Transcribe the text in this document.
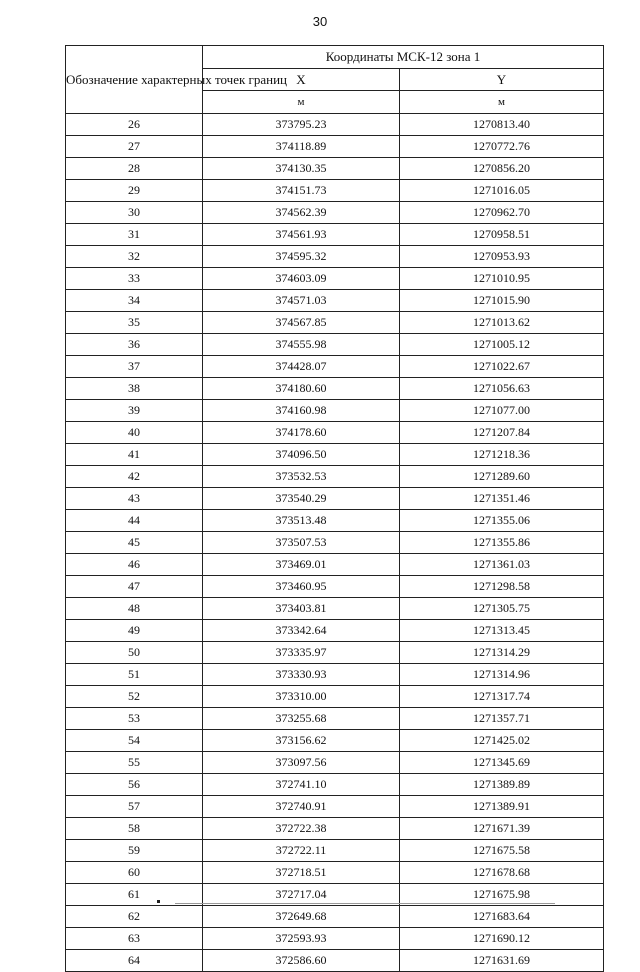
30
Обозначение характерных точек границ	Координаты МСК-12 зона 1	
	X	Y
	м	м
26	373795.23	1270813.40
27	374118.89	1270772.76
28	374130.35	1270856.20
29	374151.73	1271016.05
30	374562.39	1270962.70
31	374561.93	1270958.51
32	374595.32	1270953.93
33	374603.09	1271010.95
34	374571.03	1271015.90
35	374567.85	1271013.62
36	374555.98	1271005.12
37	374428.07	1271022.67
38	374180.60	1271056.63
39	374160.98	1271077.00
40	374178.60	1271207.84
41	374096.50	1271218.36
42	373532.53	1271289.60
43	373540.29	1271351.46
44	373513.48	1271355.06
45	373507.53	1271355.86
46	373469.01	1271361.03
47	373460.95	1271298.58
48	373403.81	1271305.75
49	373342.64	1271313.45
50	373335.97	1271314.29
51	373330.93	1271314.96
52	373310.00	1271317.74
53	373255.68	1271357.71
54	373156.62	1271425.02
55	373097.56	1271345.69
56	372741.10	1271389.89
57	372740.91	1271389.91
58	372722.38	1271671.39
59	372722.11	1271675.58
60	372718.51	1271678.68
61	372717.04	1271675.98
62	372649.68	1271683.64
63	372593.93	1271690.12
64	372586.60	1271631.69
